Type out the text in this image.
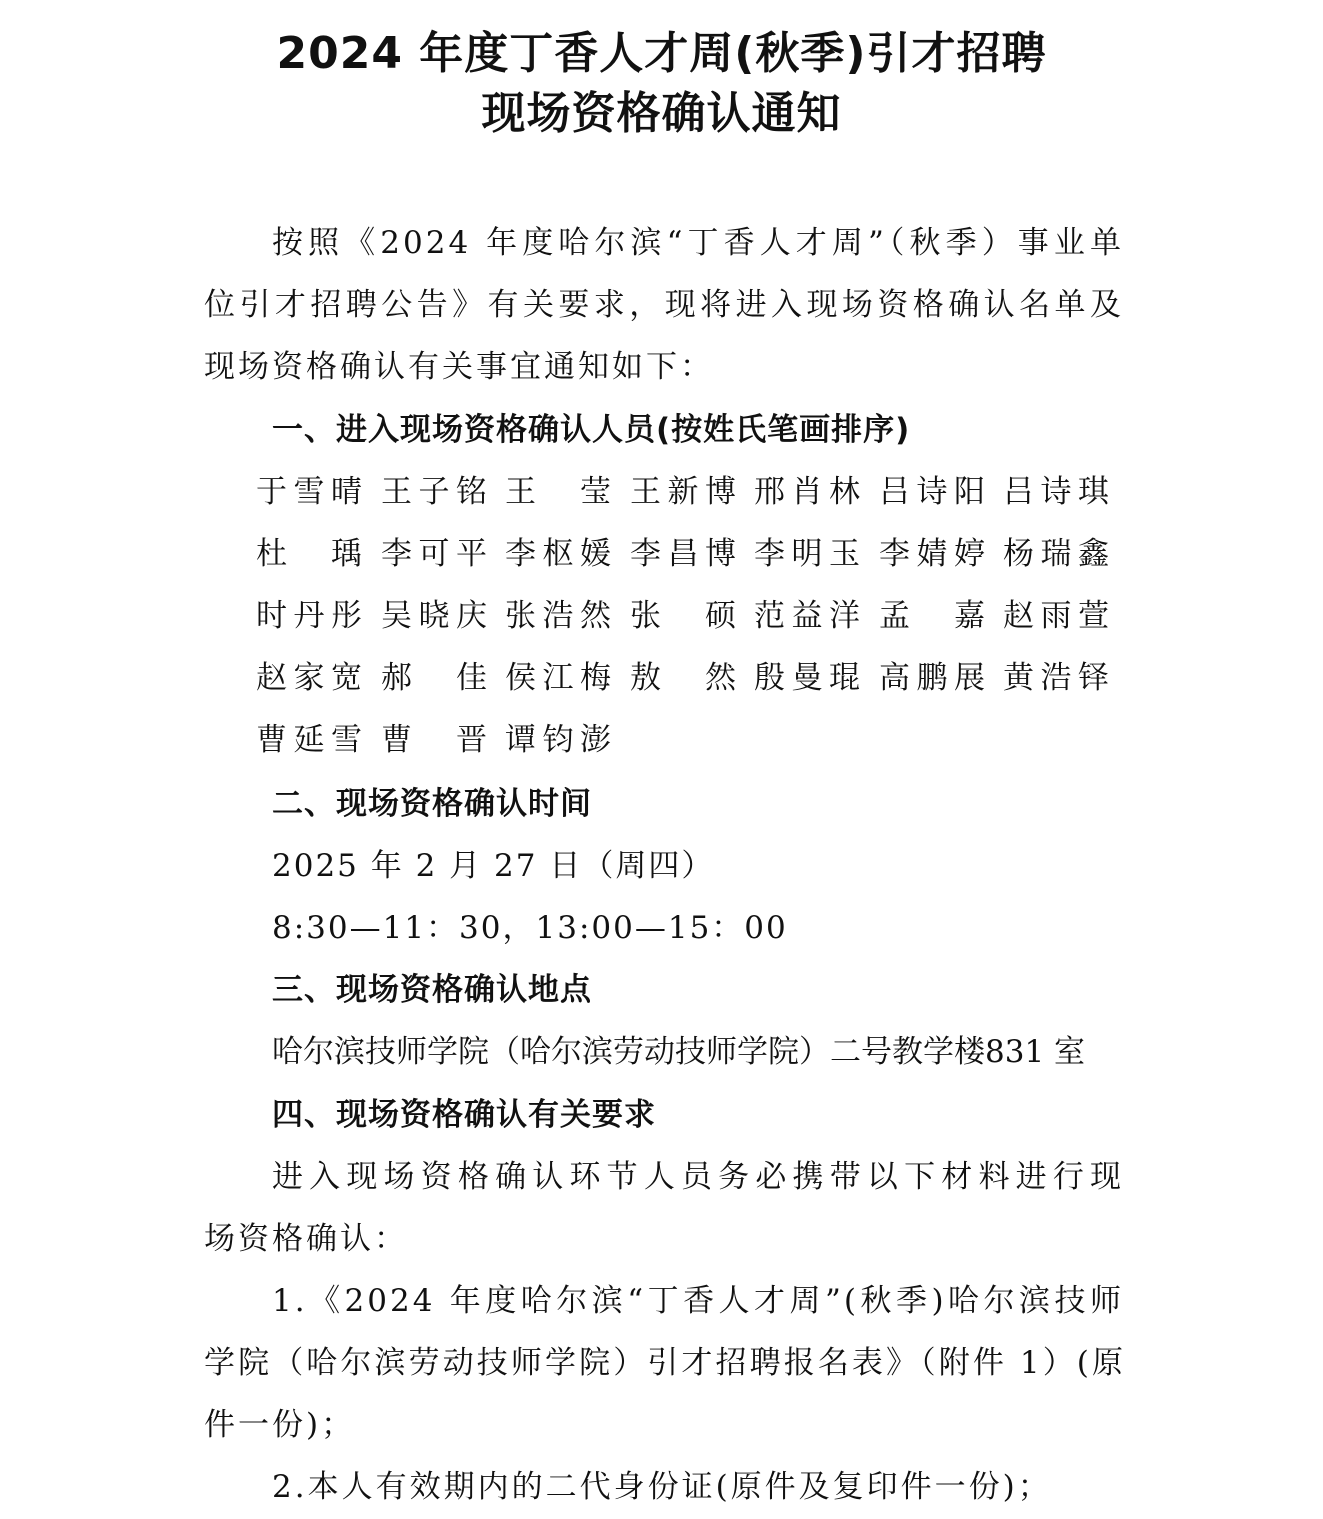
2024 年度丁香人才周(秋季)引才招聘
现场资格确认通知
按照《2024 年度哈尔滨“丁香人才周”（秋季）事业单
位引才招聘公告》有关要求，现将进入现场资格确认名单及
现场资格确认有关事宜通知如下：
一、进入现场资格确认人员(按姓氏笔画排序)
于 雪 晴 王 子 铭 王 莹 王 新 博 邢 肖 林 吕 诗 阳 吕 诗 琪
杜 瑀 李 可 平 李 枢 媛 李 昌 博 李 明 玉 李 婧 婷 杨 瑞 鑫
时 丹 彤 吴 晓 庆 张 浩 然 张 硕 范 益 洋 孟 嘉 赵 雨 萱
赵 家 宽 郝 佳 侯 江 梅 敖 然 殷 曼 琨 高 鹏 展 黄 浩 铎
曹 延 雪 曹 晋 谭 钧 澎
二、现场资格确认时间
2025 年 2 月 27 日（周四）
8:30—11：30，13:00—15：00
三、现场资格确认地点
哈尔滨技师学院（哈尔滨劳动技师学院）二号教学楼831 室
四、现场资格确认有关要求
进入现场资格确认环节人员务必携带以下材料进行现
场资格确认：
1.《2024 年度哈尔滨“丁香人才周”(秋季)哈尔滨技师
学院（哈尔滨劳动技师学院）引才招聘报名表》（附件 1）(原
件一份)；
2.本人有效期内的二代身份证(原件及复印件一份)；
